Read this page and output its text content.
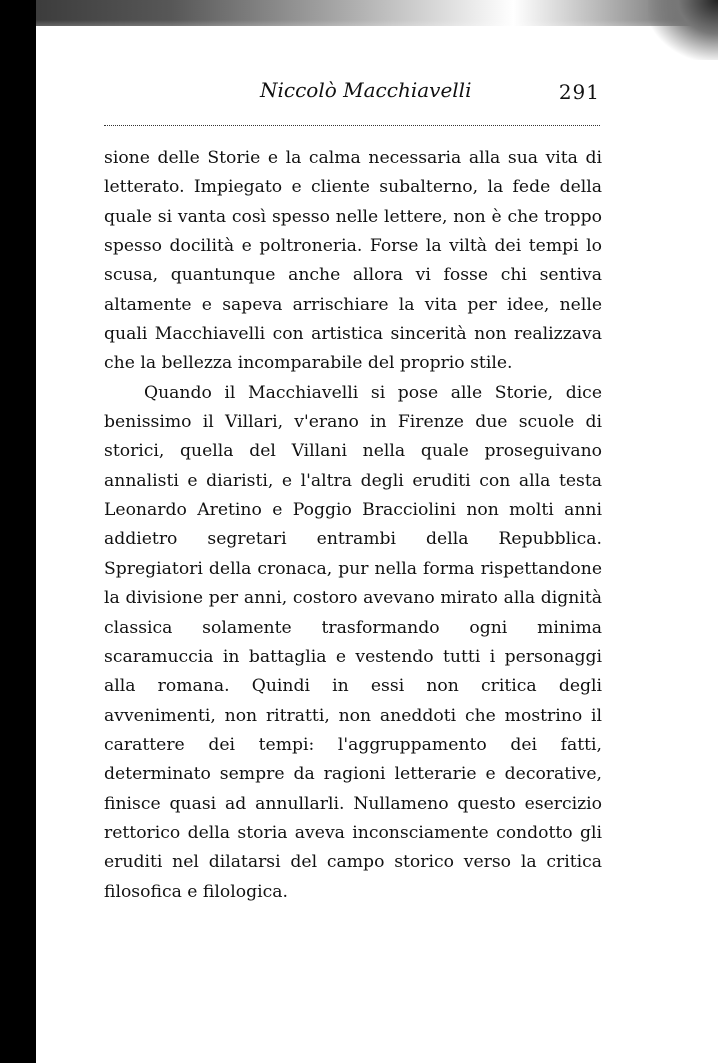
Niccolò Macchiavelli	291

sione delle Storie e la calma necessaria alla sua vita di letterato. Impiegato e cliente subalterno, la fede della quale si vanta così spesso nelle lettere, non è che troppo spesso docilità e poltroneria. Forse la viltà dei tempi lo scusa, quantunque anche allora vi fosse chi sentiva altamente e sapeva arrischiare la vita per idee, nelle quali Macchiavelli con artistica sincerità non realizzava che la bellezza incomparabile del proprio stile.

Quando il Macchiavelli si pose alle Storie, dice benissimo il Villari, v'erano in Firenze due scuole di storici, quella del Villani nella quale proseguivano annalisti e diaristi, e l'altra degli eruditi con alla testa Leonardo Aretino e Poggio Bracciolini non molti anni addietro segretari entrambi della Repubblica. Spregiatori della cronaca, pur nella forma rispettandone la divisione per anni, costoro avevano mirato alla dignità classica solamente trasformando ogni minima scaramuccia in battaglia e vestendo tutti i personaggi alla romana. Quindi in essi non critica degli avvenimenti, non ritratti, non aneddoti che mostrino il carattere dei tempi: l'aggruppamento dei fatti, determinato sempre da ragioni letterarie e decorative, finisce quasi ad annullarli. Nullameno questo esercizio rettorico della storia aveva inconsciamente condotto gli eruditi nel dilatarsi del campo storico verso la critica filosofica e filologica.
